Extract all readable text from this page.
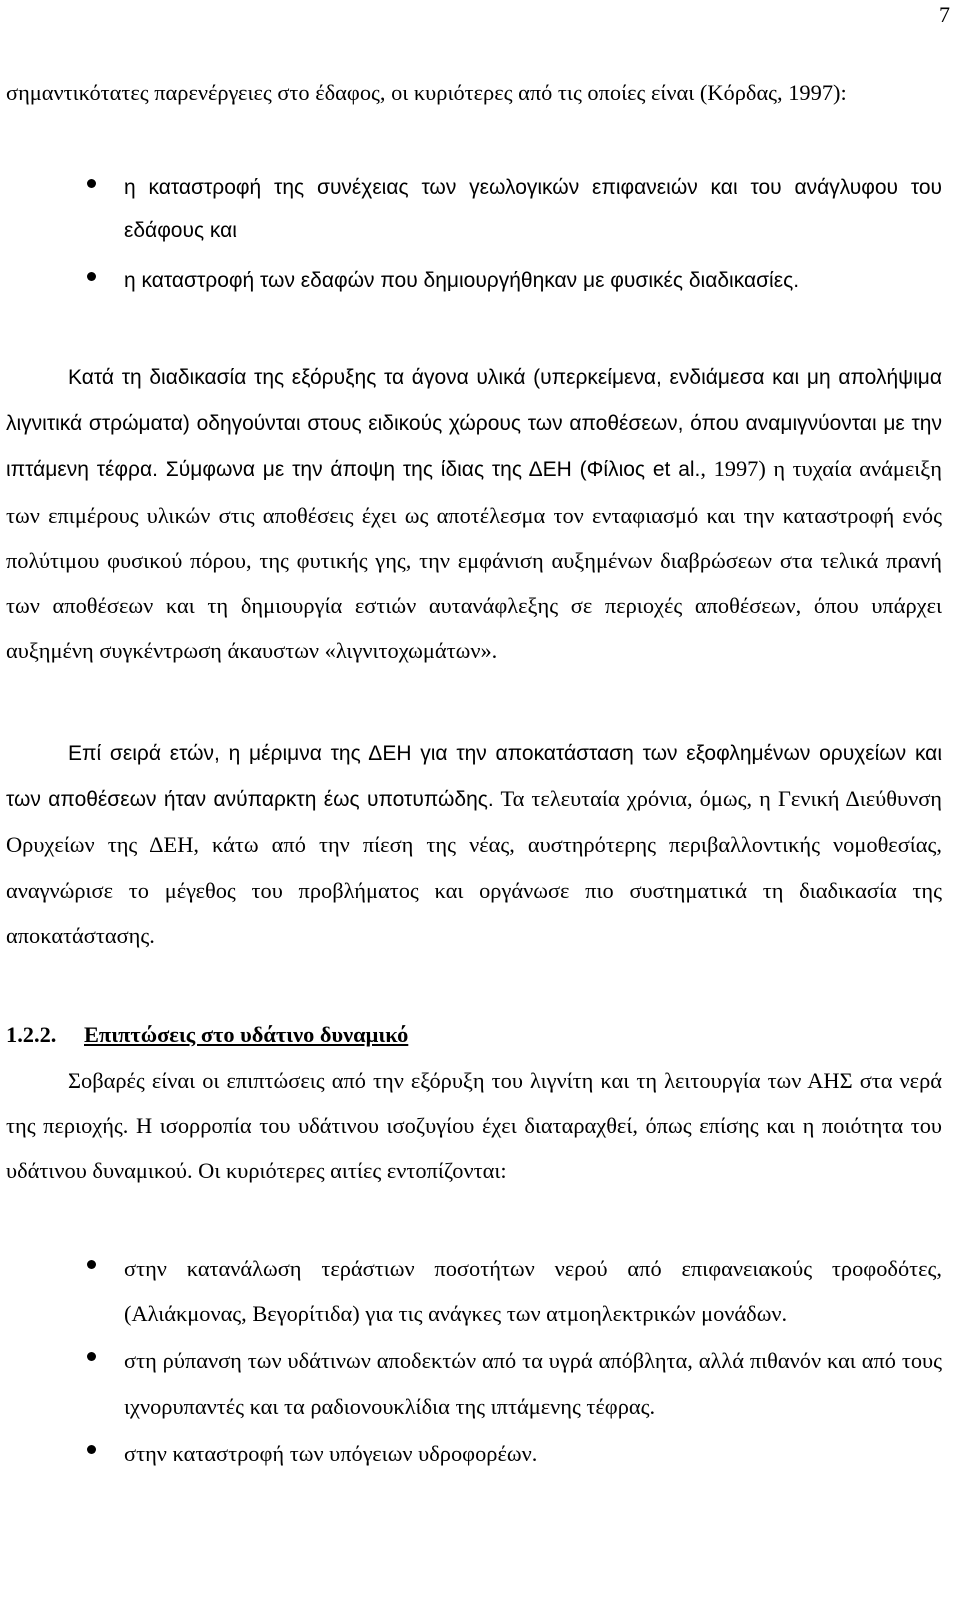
7

σημαντικότατες παρενέργειες στο έδαφος, οι κυριότερες από τις οποίες είναι (Κόρδας, 1997):

η καταστροφή της συνέχειας των γεωλογικών επιφανειών και του ανάγλυφου του εδάφους και
η καταστροφή των εδαφών που δημιουργήθηκαν με φυσικές διαδικασίες.

Κατά τη διαδικασία της εξόρυξης τα άγονα υλικά (υπερκείμενα, ενδιάμεσα και μη απολήψιμα λιγνιτικά στρώματα) οδηγούνται στους ειδικούς χώρους των αποθέσεων, όπου αναμιγνύονται με την ιπτάμενη τέφρα. Σύμφωνα με την άποψη της ίδιας της ΔΕΗ (Φίλιος et al., 1997) η τυχαία ανάμειξη των επιμέρους υλικών στις αποθέσεις έχει ως αποτέλεσμα τον ενταφιασμό και την καταστροφή ενός πολύτιμου φυσικού πόρου, της φυτικής γης, την εμφάνιση αυξημένων διαβρώσεων στα τελικά πρανή των αποθέσεων και τη δημιουργία εστιών αυτανάφλεξης σε περιοχές αποθέσεων, όπου υπάρχει αυξημένη συγκέντρωση άκαυστων «λιγνιτοχωμάτων».

Επί σειρά ετών, η μέριμνα της ΔΕΗ για την αποκατάσταση των εξοφλημένων ορυχείων και των αποθέσεων ήταν ανύπαρκτη έως υποτυπώδης. Τα τελευταία χρόνια, όμως, η Γενική Διεύθυνση Ορυχείων της ΔΕΗ, κάτω από την πίεση της νέας, αυστηρότερης περιβαλλοντικής νομοθεσίας, αναγνώρισε το μέγεθος του προβλήματος και οργάνωσε πιο συστηματικά τη διαδικασία της αποκατάστασης.

1.2.2. Επιπτώσεις στο υδάτινο δυναμικό

Σοβαρές είναι οι επιπτώσεις από την εξόρυξη του λιγνίτη και τη λειτουργία των ΑΗΣ στα νερά της περιοχής. Η ισορροπία του υδάτινου ισοζυγίου έχει διαταραχθεί, όπως επίσης και η ποιότητα του υδάτινου δυναμικού. Οι κυριότερες αιτίες εντοπίζονται:

στην κατανάλωση τεράστιων ποσοτήτων νερού από επιφανειακούς τροφοδότες, (Αλιάκμονας, Βεγορίτιδα) για τις ανάγκες των ατμοηλεκτρικών μονάδων.
στη ρύπανση των υδάτινων αποδεκτών από τα υγρά απόβλητα, αλλά πιθανόν και από τους ιχνορυπαντές και τα ραδιονουκλίδια της ιπτάμενης τέφρας.
στην καταστροφή των υπόγειων υδροφορέων.
